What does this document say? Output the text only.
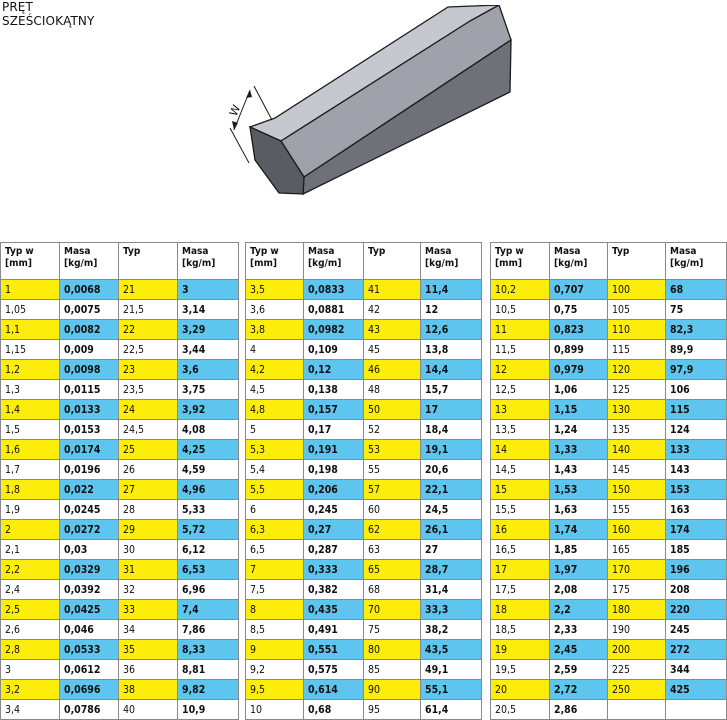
PRĘT
SZEŚCIOKĄTNY
W
Typ w
[mm]	Masa
[kg/m]	Typ	Masa
[kg/m]
1	0,0068	21	3
1,05	0,0075	21,5	3,14
1,1	0,0082	22	3,29
1,15	0,009	22,5	3,44
1,2	0,0098	23	3,6
1,3	0,0115	23,5	3,75
1,4	0,0133	24	3,92
1,5	0,0153	24,5	4,08
1,6	0,0174	25	4,25
1,7	0,0196	26	4,59
1,8	0,022	27	4,96
1,9	0,0245	28	5,33
2	0,0272	29	5,72
2,1	0,03	30	6,12
2,2	0,0329	31	6,53
2,4	0,0392	32	6,96
2,5	0,0425	33	7,4
2,6	0,046	34	7,86
2,8	0,0533	35	8,33
3	0,0612	36	8,81
3,2	0,0696	38	9,82
3,4	0,0786	40	10,9
Typ w
[mm]	Masa
[kg/m]	Typ	Masa
[kg/m]
3,5	0,0833	41	11,4
3,6	0,0881	42	12
3,8	0,0982	43	12,6
4	0,109	45	13,8
4,2	0,12	46	14,4
4,5	0,138	48	15,7
4,8	0,157	50	17
5	0,17	52	18,4
5,3	0,191	53	19,1
5,4	0,198	55	20,6
5,5	0,206	57	22,1
6	0,245	60	24,5
6,3	0,27	62	26,1
6,5	0,287	63	27
7	0,333	65	28,7
7,5	0,382	68	31,4
8	0,435	70	33,3
8,5	0,491	75	38,2
9	0,551	80	43,5
9,2	0,575	85	49,1
9,5	0,614	90	55,1
10	0,68	95	61,4
Typ w
[mm]	Masa
[kg/m]	Typ	Masa
[kg/m]
10,2	0,707	100	68
10,5	0,75	105	75
11	0,823	110	82,3
11,5	0,899	115	89,9
12	0,979	120	97,9
12,5	1,06	125	106
13	1,15	130	115
13,5	1,24	135	124
14	1,33	140	133
14,5	1,43	145	143
15	1,53	150	153
15,5	1,63	155	163
16	1,74	160	174
16,5	1,85	165	185
17	1,97	170	196
17,5	2,08	175	208
18	2,2	180	220
18,5	2,33	190	245
19	2,45	200	272
19,5	2,59	225	344
20	2,72	250	425
20,5	2,86		
